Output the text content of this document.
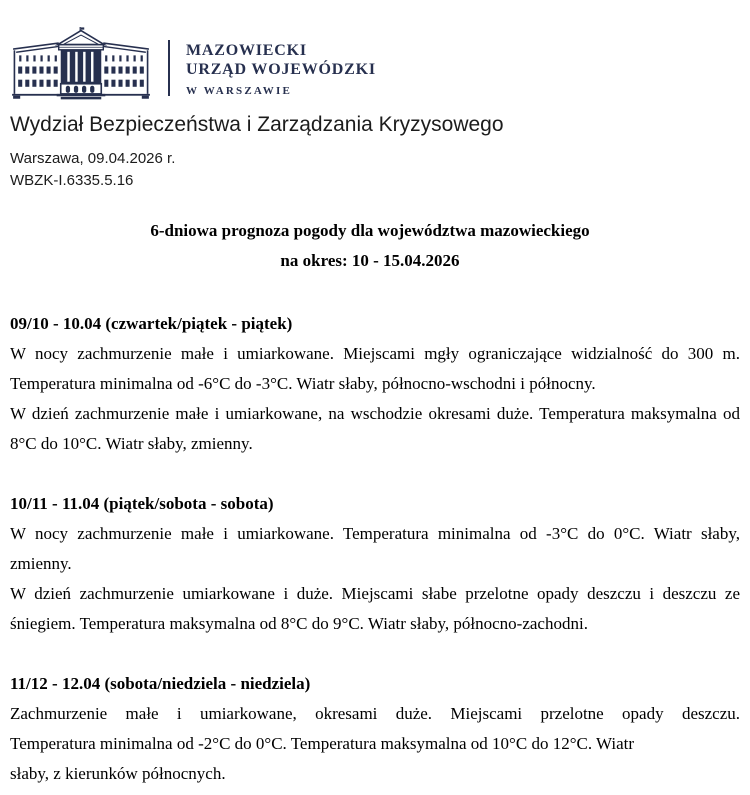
MAZOWIECKI
URZĄD WOJEWÓDZKI
W WARSZAWIE
Wydział Bezpieczeństwa i Zarządzania Kryzysowego
Warszawa, 09.04.2026 r.
WBZK-I.6335.5.16
6-dniowa prognoza pogody dla województwa mazowieckiego
na okres: 10 - 15.04.2026
09/10 - 10.04 (czwartek/piątek - piątek)

W nocy zachmurzenie małe i umiarkowane. Miejscami mgły ograniczające widzialność do 300 m. Temperatura minimalna od -6°C do -3°C. Wiatr słaby, północno-wschodni i północny.

W dzień zachmurzenie małe i umiarkowane, na wschodzie okresami duże. Temperatura maksymalna od 8°C do 10°C. Wiatr słaby, zmienny.

10/11 - 11.04 (piątek/sobota - sobota)

W nocy zachmurzenie małe i umiarkowane. Temperatura minimalna od -3°C do 0°C. Wiatr słaby, zmienny.

W dzień zachmurzenie umiarkowane i duże. Miejscami słabe przelotne opady deszczu i deszczu ze śniegiem. Temperatura maksymalna od 8°C do 9°C. Wiatr słaby, północno-zachodni.

11/12 - 12.04 (sobota/niedziela - niedziela)

Zachmurzenie małe i umiarkowane, okresami duże. Miejscami przelotne opady deszczu.

Temperatura minimalna od -2°C do 0°C. Temperatura maksymalna od 10°C do 12°C. Wiatr

słaby, z kierunków północnych.
